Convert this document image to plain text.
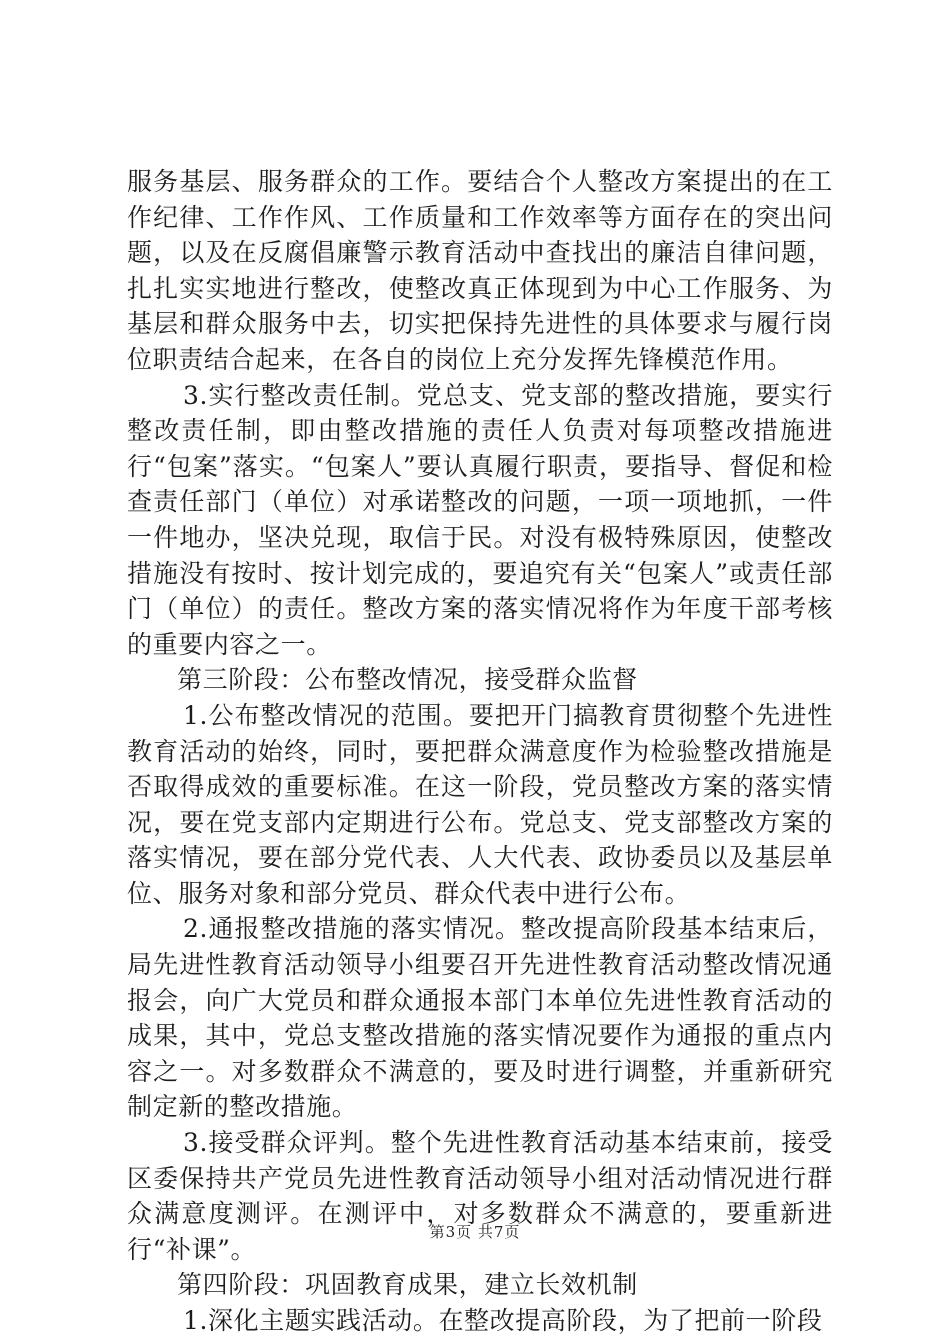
服务基层、服务群众的工作。要结合个人整改方案提出的在工作纪律、工作作风、工作质量和工作效率等方面存在的突出问题，以及在反腐倡廉警示教育活动中查找出的廉洁自律问题，扎扎实实地进行整改，使整改真正体现到为中心工作服务、为基层和群众服务中去，切实把保持先进性的具体要求与履行岗位职责结合起来，在各自的岗位上充分发挥先锋模范作用。

3.实行整改责任制。党总支、党支部的整改措施，要实行整改责任制，即由整改措施的责任人负责对每项整改措施进行“包案”落实。“包案人”要认真履行职责，要指导、督促和检查责任部门（单位）对承诺整改的问题，一项一项地抓，一件一件地办，坚决兑现，取信于民。对没有极特殊原因，使整改措施没有按时、按计划完成的，要追究有关“包案人”或责任部门（单位）的责任。整改方案的落实情况将作为年度干部考核的重要内容之一。

第三阶段：公布整改情况，接受群众监督

1.公布整改情况的范围。要把开门搞教育贯彻整个先进性教育活动的始终，同时，要把群众满意度作为检验整改措施是否取得成效的重要标准。在这一阶段，党员整改方案的落实情况，要在党支部内定期进行公布。党总支、党支部整改方案的落实情况，要在部分党代表、人大代表、政协委员以及基层单位、服务对象和部分党员、群众代表中进行公布。

2.通报整改措施的落实情况。整改提高阶段基本结束后，局先进性教育活动领导小组要召开先进性教育活动整改情况通报会，向广大党员和群众通报本部门本单位先进性教育活动的成果，其中，党总支整改措施的落实情况要作为通报的重点内容之一。对多数群众不满意的，要及时进行调整，并重新研究制定新的整改措施。

3.接受群众评判。整个先进性教育活动基本结束前，接受区委保持共产党员先进性教育活动领导小组对活动情况进行群众满意度测评。在测评中，对多数群众不满意的，要重新进行“补课”。

第四阶段：巩固教育成果，建立长效机制

1.深化主题实践活动。在整改提高阶段，为了把前一阶段

第3页 共7页
